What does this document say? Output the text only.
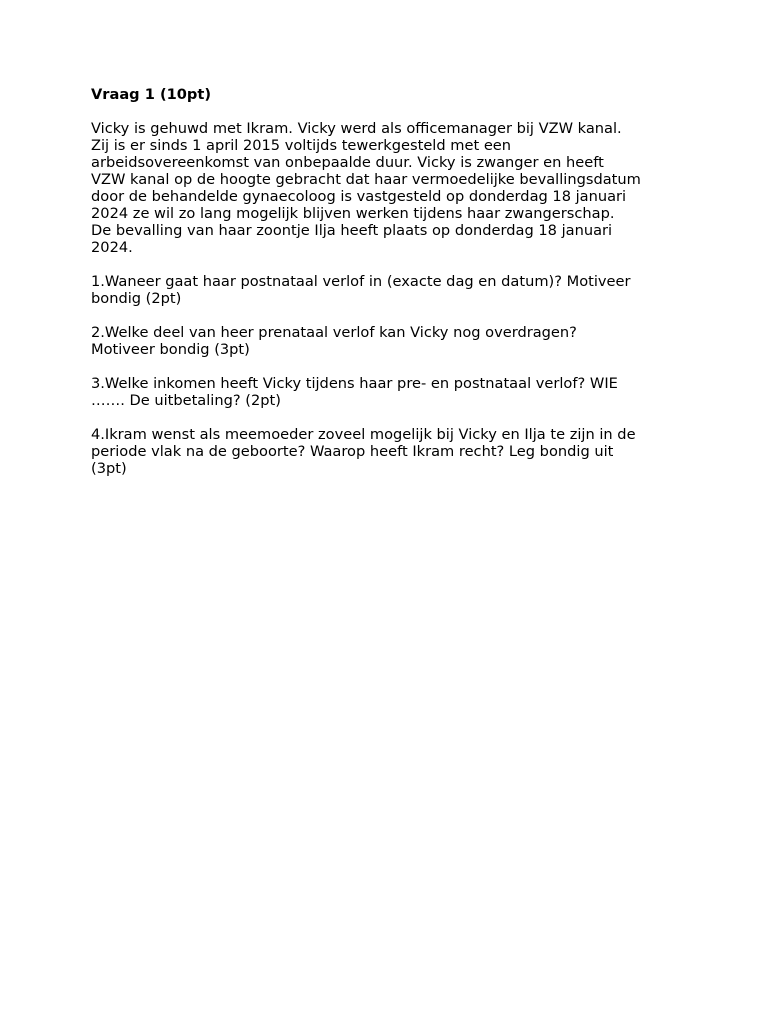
Vraag 1 (10pt)
Vicky is gehuwd met Ikram. Vicky werd als officemanager bij VZW kanal.
Zij is er sinds 1 april 2015 voltijds tewerkgesteld met een
arbeidsovereenkomst van onbepaalde duur. Vicky is zwanger en heeft
VZW kanal op de hoogte gebracht dat haar vermoedelijke bevallingsdatum
door de behandelde gynaecoloog is vastgesteld op donderdag 18 januari
2024 ze wil zo lang mogelijk blijven werken tijdens haar zwangerschap.
De bevalling van haar zoontje Ilja heeft plaats op donderdag 18 januari
2024.
1.Waneer gaat haar postnataal verlof in (exacte dag en datum)? Motiveer
bondig (2pt)
2.Welke deel van heer prenataal verlof kan Vicky nog overdragen?
Motiveer bondig (3pt)
3.Welke inkomen heeft Vicky tijdens haar pre- en postnataal verlof? WIE
……. De uitbetaling? (2pt)
4.Ikram wenst als meemoeder zoveel mogelijk bij Vicky en Ilja te zijn in de
periode vlak na de geboorte? Waarop heeft Ikram recht? Leg bondig uit
(3pt)
